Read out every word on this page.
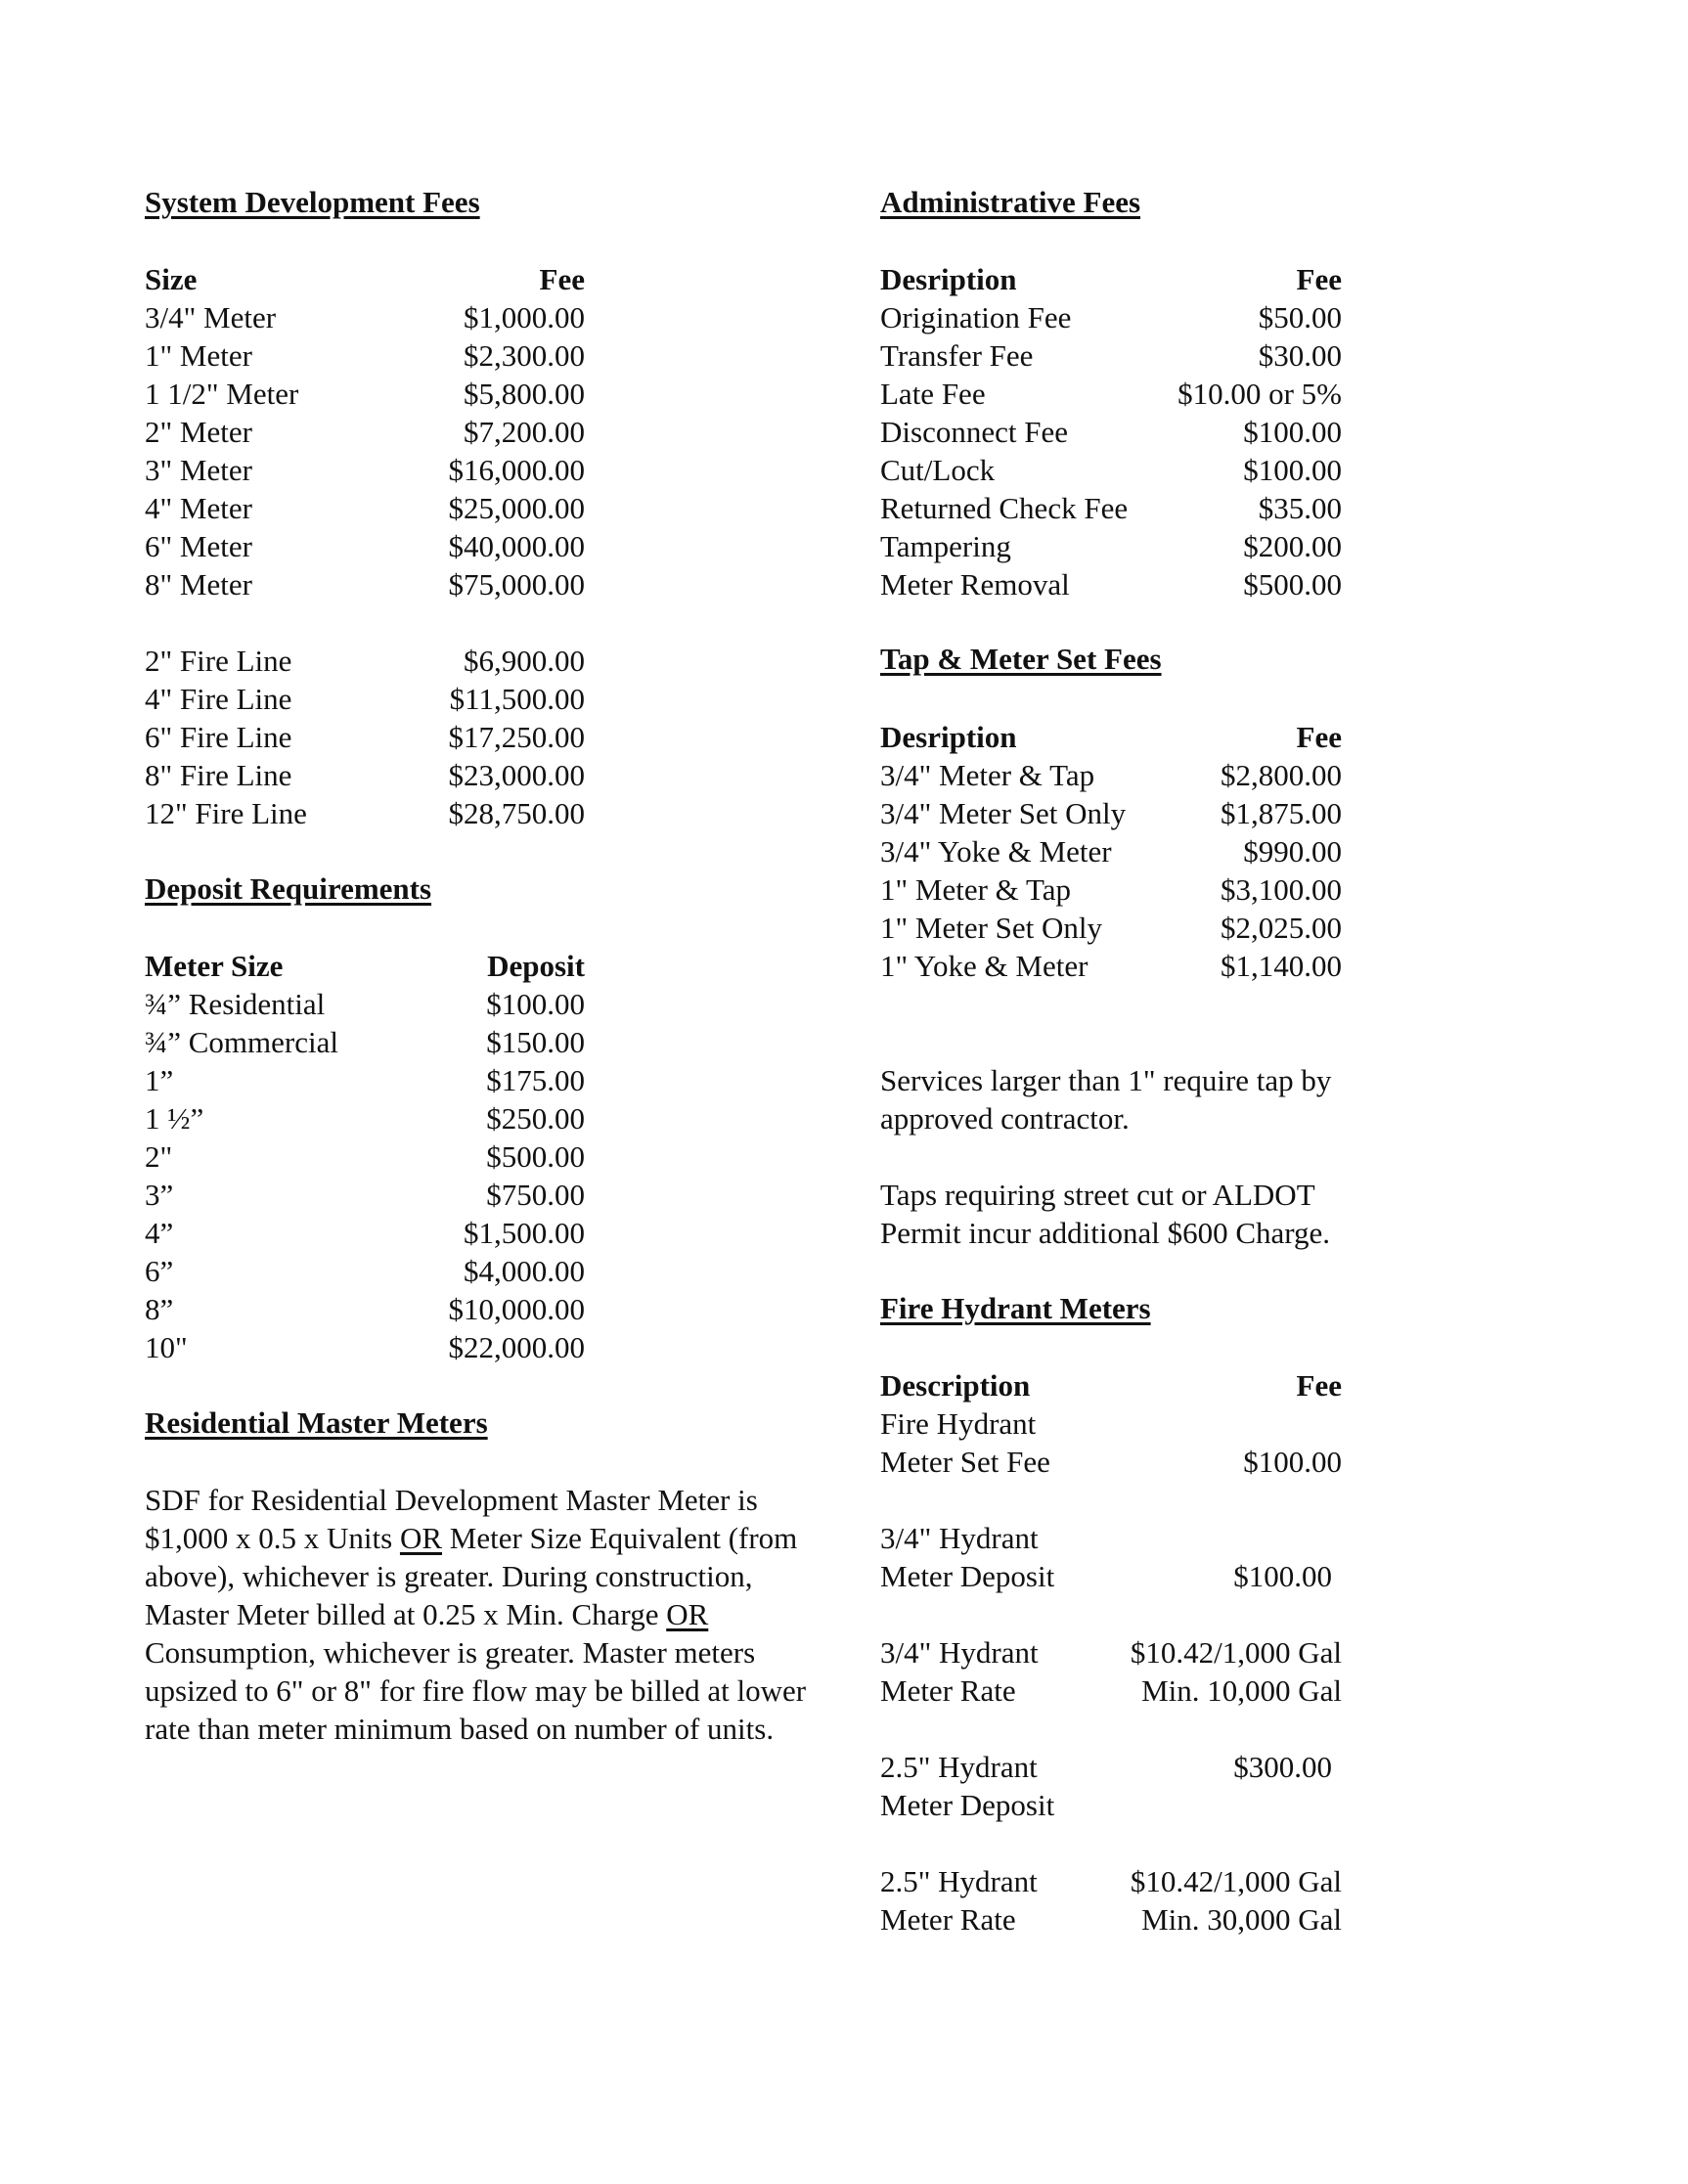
System Development Fees
Size	Fee
3/4" Meter	$1,000.00
1" Meter	$2,300.00
1 1/2" Meter	$5,800.00
2" Meter	$7,200.00
3" Meter	$16,000.00
4" Meter	$25,000.00
6" Meter	$40,000.00
8" Meter	$75,000.00
2" Fire Line	$6,900.00
4" Fire Line	$11,500.00
6" Fire Line	$17,250.00
8" Fire Line	$23,000.00
12" Fire Line	$28,750.00
Deposit Requirements
Meter Size	Deposit
¾” Residential	$100.00
¾” Commercial	$150.00
1”	$175.00
1 ½”	$250.00
2"	$500.00
3”	$750.00
4”	$1,500.00
6”	$4,000.00
8”	$10,000.00
10"	$22,000.00
Residential Master Meters
SDF for Residential Development Master Meter is
$1,000 x 0.5 x Units OR Meter Size Equivalent (from
above), whichever is greater. During construction,
Master Meter billed at 0.25 x Min. Charge OR
Consumption, whichever is greater. Master meters
upsized to 6" or 8" for fire flow may be billed at lower
rate than meter minimum based on number of units.
Administrative Fees
Desription	Fee
Origination Fee	$50.00
Transfer Fee	$30.00
Late Fee	$10.00 or 5%
Disconnect Fee	$100.00
Cut/Lock	$100.00
Returned Check Fee	$35.00
Tampering	$200.00
Meter Removal	$500.00
Tap & Meter Set Fees
Desription	Fee
3/4" Meter & Tap	$2,800.00
3/4" Meter Set Only	$1,875.00
3/4" Yoke & Meter	$990.00
1" Meter & Tap	$3,100.00
1" Meter Set Only	$2,025.00
1" Yoke & Meter	$1,140.00
Services larger than 1" require tap by
approved contractor.
Taps requiring street cut or ALDOT
Permit incur additional $600 Charge.
Fire Hydrant Meters
Description	Fee
Fire Hydrant
Meter Set Fee	$100.00
3/4" Hydrant
Meter Deposit	$100.00
3/4" Hydrant	$10.42/1,000 Gal
Meter Rate	Min. 10,000 Gal
2.5" Hydrant	$300.00
Meter Deposit
2.5" Hydrant	$10.42/1,000 Gal
Meter Rate	Min. 30,000 Gal
